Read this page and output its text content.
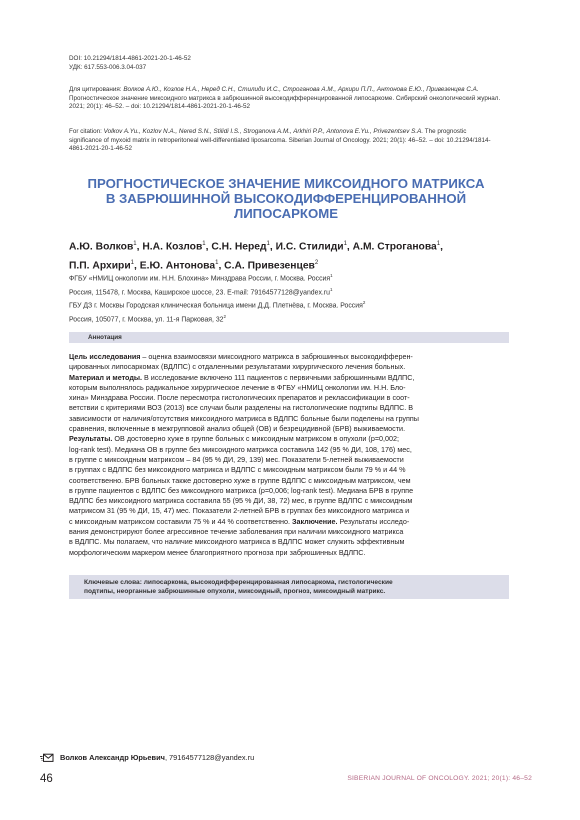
DOI: 10.21294/1814-4861-2021-20-1-46-52
УДК: 617.553-006.3.04-037
Для цитирования: Волков А.Ю., Козлов Н.А., Неред С.Н., Стилиди И.С., Строганова А.М., Архири П.П., Антонова Е.Ю., Привезенцев С.А. Прогностическое значение миксоидного матрикса в забрюшинной высокодифференцированной липосаркоме. Сибирский онкологический журнал. 2021; 20(1): 46–52. – doi: 10.21294/1814-4861-2021-20-1-46-52
For citation: Volkov A.Yu., Kozlov N.A., Nered S.N., Stilidi I.S., Stroganova A.M., Arkhiri P.P., Antonova E.Yu., Privezentsev S.A. The prognostic significance of myxoid matrix in retroperitoneal well-differentiated liposarcoma. Siberian Journal of Oncology. 2021; 20(1): 46–52. – doi: 10.21294/1814-4861-2021-20-1-46-52
ПРОГНОСТИЧЕСКОЕ ЗНАЧЕНИЕ МИКСОИДНОГО МАТРИКСА
В ЗАБРЮШИННОЙ ВЫСОКОДИФФЕРЕНЦИРОВАННОЙ
ЛИПОСАРКОМЕ
А.Ю. Волков$^1$, Н.А. Козлов$^1$, С.Н. Неред$^1$, И.С. Стилиди$^1$, А.М. Строганова$^1$,
П.П. Архири$^1$, Е.Ю. Антонова$^1$, С.А. Привезенцев$^2$
ФГБУ «НМИЦ онкологии им. Н.Н. Блохина» Минздрава России, г. Москва. Россия$^1$
Россия, 115478, г. Москва, Каширское шоссе, 23. E-mail: $79164577128@yandex.ru^1$
ГБУ ДЗ г. Москвы Городская клиническая больница имени Д.Д. Плетнёва, г. Москва. Россия$^2$
Россия, 105077, г. Москва, ул. 11-я Парковая, $32^2$
Аннотация
Цель исследования – оценка взаимосвязи миксоидного матрикса в забрюшинных высокодифферен-
цированных липосаркомах (ВДЛПС) с отдаленными результатами хирургического лечения больных.
Материал и методы. В исследование включено 111 пациентов с первичными забрюшинными ВДЛПС,
которым выполнялось радикальное хирургическое лечение в ФГБУ «НМИЦ онкологии им. Н.Н. Бло-
хина» Минздрава России. После пересмотра гистологических препаратов и реклассификации в соот-
ветствии с критериями ВОЗ (2013) все случаи были разделены на гистологические подтипы ВДЛПС. В
зависимости от наличия/отсутствия миксоидного матрикса в ВДЛПС больные были поделены на группы
сравнения, включенные в межгрупповой анализ общей (ОВ) и безрецидивной (БРВ) выживаемости.
Результаты. ОВ достоверно хуже в группе больных с миксоидным матриксом в опухоли (р=0,002;
log-rank test). Медиана ОВ в группе без миксоидного матрикса составила 142 (95 % ДИ, 108, 176) мес,
в группе с миксоидным матриксом – 84 (95 % ДИ, 29, 139) мес. Показатели 5-летней выживаемости
в группах с ВДЛПС без миксоидного матрикса и ВДЛПС с миксоидным матриксом были 79 % и 44 %
соответственно. БРВ больных также достоверно хуже в группе ВДЛПС с миксоидным матриксом, чем
в группе пациентов с ВДЛПС без миксоидного матрикса (р=0,006; log-rank test). Медиана БРВ в группе
ВДЛПС без миксоидного матрикса составила 55 (95 % ДИ, 38, 72) мес, в группе ВДЛПС с миксоидным
матриксом 31 (95 % ДИ, 15, 47) мес. Показатели 2-летней БРВ в группах без миксоидного матрикса и
с миксоидным матриксом составили 75 % и 44 % соответственно. Заключение. Результаты исследо-
вания демонстрируют более агрессивное течение заболевания при наличии миксоидного матрикса
в ВДЛПС. Мы полагаем, что наличие миксоидного матрикса в ВДЛПС может служить эффективным
морфологическим маркером менее благоприятного прогноза при забрюшинных ВДЛПС.
Ключевые слова: липосаркома, высокодифференцированная липосаркома, гистологические
подтипы, неорганные забрюшинные опухоли, миксоидный, прогноз, миксоидный матрикс.
Волков Александр Юрьевич, 79164577128@yandex.ru
46	SIBERIAN JOURNAL OF ONCOLOGY. 2021; 20(1): 46–52
